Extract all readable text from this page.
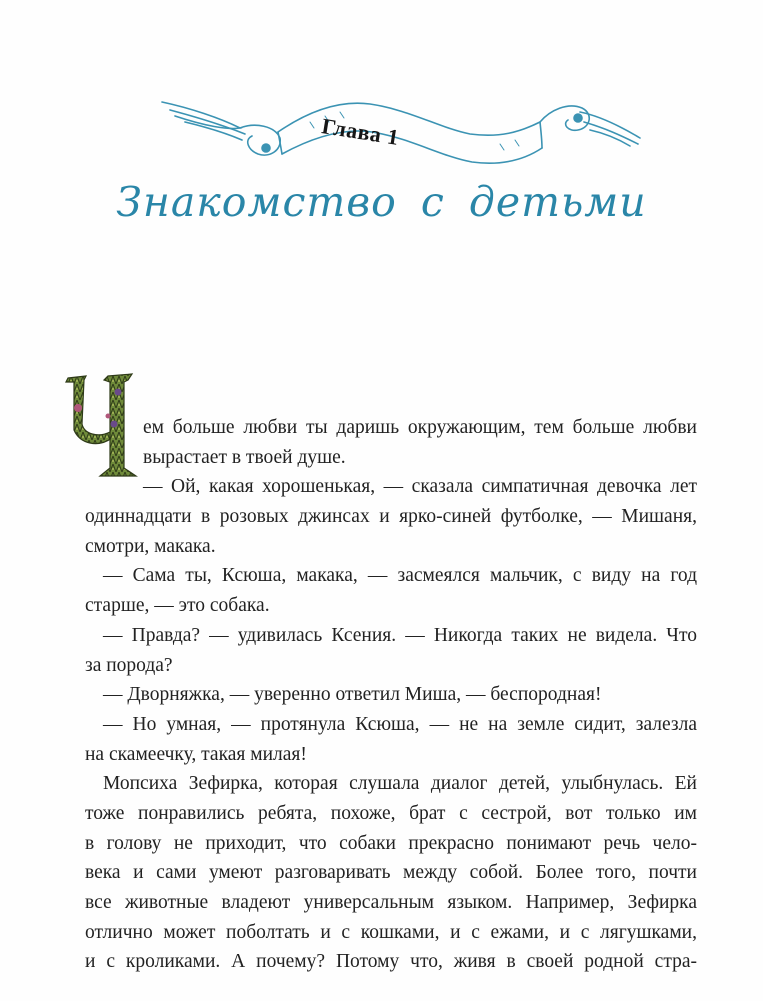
Глава 1
Знакомство с детьми
ем больше любви ты даришь окружающим, тем больше любви
вырастает в твоей душе.
— Ой, какая хорошенькая, — сказала симпатичная девочка лет
одиннадцати в розовых джинсах и ярко-синей футболке, — Мишаня,
смотри, макака.
— Сама ты, Ксюша, макака, — засмеялся мальчик, с виду на год
старше, — это собака.
— Правда? — удивилась Ксения. — Никогда таких не видела. Что
за порода?
— Дворняжка, — уверенно ответил Миша, — беспородная!
— Но умная, — протянула Ксюша, — не на земле сидит, залезла
на скамеечку, такая милая!
Мопсиха Зефирка, которая слушала диалог детей, улыбнулась. Ей
тоже понравились ребята, похоже, брат с сестрой, вот только им
в голову не приходит, что собаки прекрасно понимают речь чело-
века и сами умеют разговаривать между собой. Более того, почти
все животные владеют универсальным языком. Например, Зефирка
отлично может поболтать и с кошками, и с ежами, и с лягушками,
и с кроликами. А почему? Потому что, живя в своей родной стра-
